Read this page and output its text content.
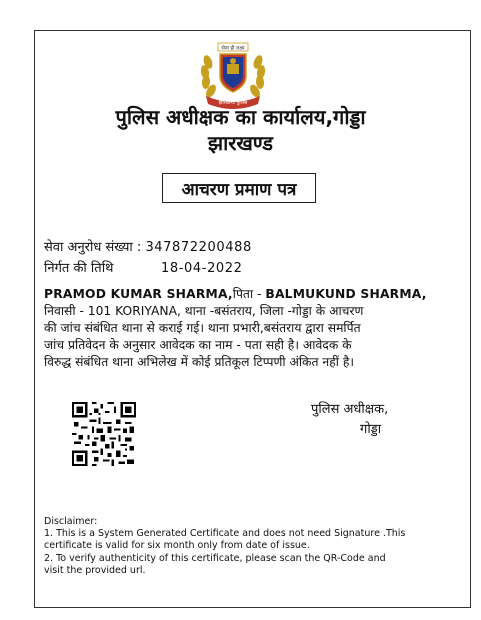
सेवा ही लक्ष्य
झारखण्ड पुलिस
पुलिस अधीक्षक का कार्यालय,गोड्डा
झारखण्ड
आचरण प्रमाण पत्र
सेवा अनुरोध संख्या : 347872200488
निर्गत की तिथि	18-04-2022
PRAMOD KUMAR SHARMA,पिता - BALMUKUND SHARMA,
निवासी - 101 KORIYANA, थाना -बसंतराय, जिला -गोड्डा के आचरण
की जांच संबंधित थाना से कराई गई। थाना प्रभारी,बसंतराय द्वारा समर्पित
जांच प्रतिवेदन के अनुसार आवेदक का नाम - पता सही है। आवेदक के
विरुद्ध संबंधित थाना अभिलेख में कोई प्रतिकूल टिप्पणी अंकित नहीं है।
पुलिस अधीक्षक,
गोड्डा
Disclaimer:
1. This is a System Generated Certificate and does not need Signature .This
certificate is valid for six month only from date of issue.
2. To verify authenticity of this certificate, please scan the QR-Code and
visit the provided url.
